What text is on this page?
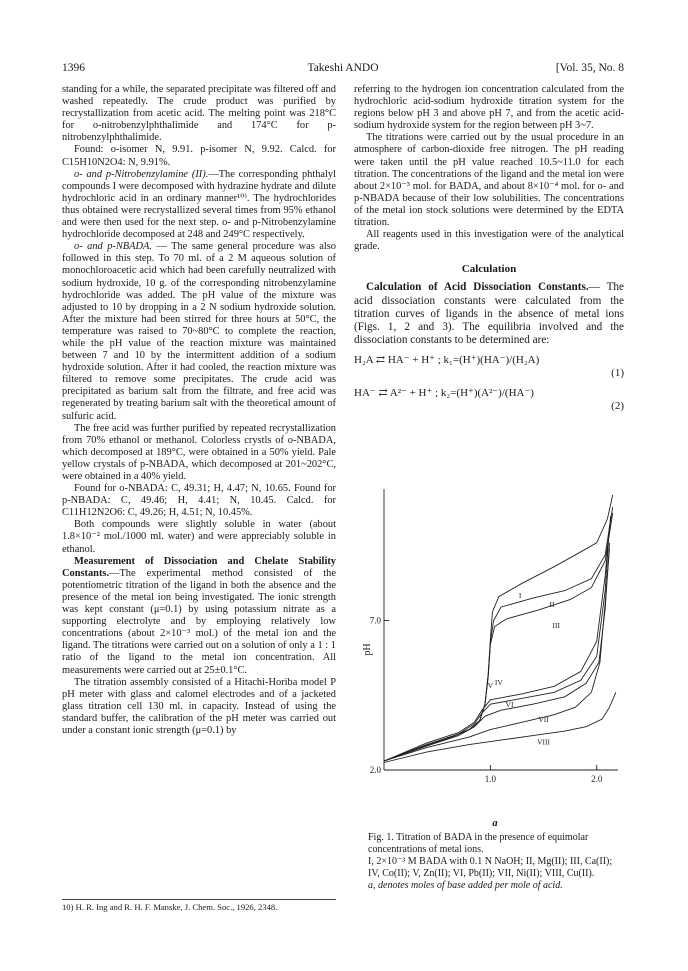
1396	Takeshi ANDO	[Vol. 35, No. 8

standing for a while, the separated precipitate was filtered off and washed repeatedly. The crude product was purified by recrystallization from acetic acid. The melting point was 218°C for o-nitrobenzylphthalimide and 174°C for p-nitrobenzylphthalimide.

Found: o-isomer N, 9.91. p-isomer N, 9.92. Calcd. for C15H10N2O4: N, 9.91%.

o- and p-Nitrobenzylamine (II).—The corresponding phthalyl compounds I were decomposed with hydrazine hydrate and dilute hydrochloric acid in an ordinary manner¹⁰⁾. The hydrochlorides thus obtained were recrystallized several times from 95% ethanol and were then used for the next step. o- and p-Nitrobenzylamine hydrochloride decomposed at 248 and 249°C respectively.

o- and p-NBADA. — The same general procedure was also followed in this step. To 70 ml. of a 2 M aqueous solution of monochloroacetic acid which had been carefully neutralized with sodium hydroxide, 10 g. of the corresponding nitrobenzylamine hydrochloride was added. The pH value of the mixture was adjusted to 10 by dropping in a 2 N sodium hydroxide solution. After the mixture had been stirred for three hours at 50°C, the temperature was raised to 70~80°C to complete the reaction, while the pH value of the reaction mixture was maintained between 7 and 10 by the intermittent addition of a sodium hydroxide solution. After it had cooled, the reaction mixture was filtered to remove some precipitates. The crude acid was precipitated as barium salt from the filtrate, and free acid was regenerated by treating barium salt with the theoretical amount of sulfuric acid.

The free acid was further purified by repeated recrystallization from 70% ethanol or methanol. Colorless crystls of o-NBADA, which decomposed at 189°C, were obtained in a 50% yield. Pale yellow crystals of p-NBADA, which decomposed at 201~202°C, were obtained in a 40% yield.

Found for o-NBADA: C, 49.31; H, 4.47; N, 10.65. Found for p-NBADA: C, 49.46; H, 4.41; N, 10.45. Calcd. for C11H12N2O6: C, 49.26; H, 4.51; N, 10.45%.

Both compounds were slightly soluble in water (about 1.8×10⁻² mol./1000 ml. water) and were appreciably soluble in ethanol.

Measurement of Dissociation and Chelate Stability Constants.—The experimental method consisted of the potentiometric titration of the ligand in both the absence and the presence of the metal ion being investigated. The ionic strength was kept constant (μ=0.1) by using potassium nitrate as a supporting electrolyte and by employing relatively low concentrations (about 2×10⁻³ mol.) of the metal ion and the ligand. The titrations were carried out on a solution of only a 1 : 1 ratio of the ligand to the metal ion concentration. All measurements were carried out at 25±0.1°C.

The titration assembly consisted of a Hitachi-Horiba model P pH meter with glass and calomel electrodes and of a jacketed glass titration cell 130 ml. in capacity. Instead of using the standard buffer, the calibration of the pH meter was carried out under a constant ionic strength (μ=0.1) by

10) H. R. Ing and R. H. F. Manske, J. Chem. Soc., 1926, 2348.

referring to the hydrogen ion concentration calculated from the hydrochloric acid-sodium hydroxide titration system for the regions below pH 3 and above pH 7, and from the acetic acid-sodium hydroxide system for the region between pH 3~7.

The titrations were carried out by the usual procedure in an atmosphere of carbon-dioxide free nitrogen. The pH reading were taken until the pH value reached 10.5~11.0 for each titration. The concentrations of the ligand and the metal ion were about 2×10⁻³ mol. for BADA, and about 8×10⁻⁴ mol. for o- and p-NBADA because of their low solubilities. The concentrations of the metal ion stock solutions were determined by the EDTA titration.

All reagents used in this investigation were of the analytical grade.

Calculation

Calculation of Acid Dissociation Constants.— The acid dissociation constants were calculated from the titration curves of ligands in the absence of metal ions (Figs. 1, 2 and 3). The equilibria involved and the dissociation constants to be determined are:

H₂A ⇄ HA⁻ + H⁺ ; k₁=(H⁺)(HA⁻)/(H₂A)
(1)
HA⁻ ⇄ A²⁻ + H⁺ ; k₂=(H⁺)(A²⁻)/(HA⁻)
(2)
1.0	2.0
2.0
7.0
pH
I
II
III
IV
V
VI
VII
VIII
a
Fig. 1. Titration of BADA in the presence of equimolar concentrations of metal ions.
I, 2×10⁻³ M BADA with 0.1 N NaOH; II, Mg(II); III, Ca(II); IV, Co(II); V, Zn(II); VI, Pb(II); VII, Ni(II); VIII, Cu(II).
a, denotes moles of base added per mole of acid.
